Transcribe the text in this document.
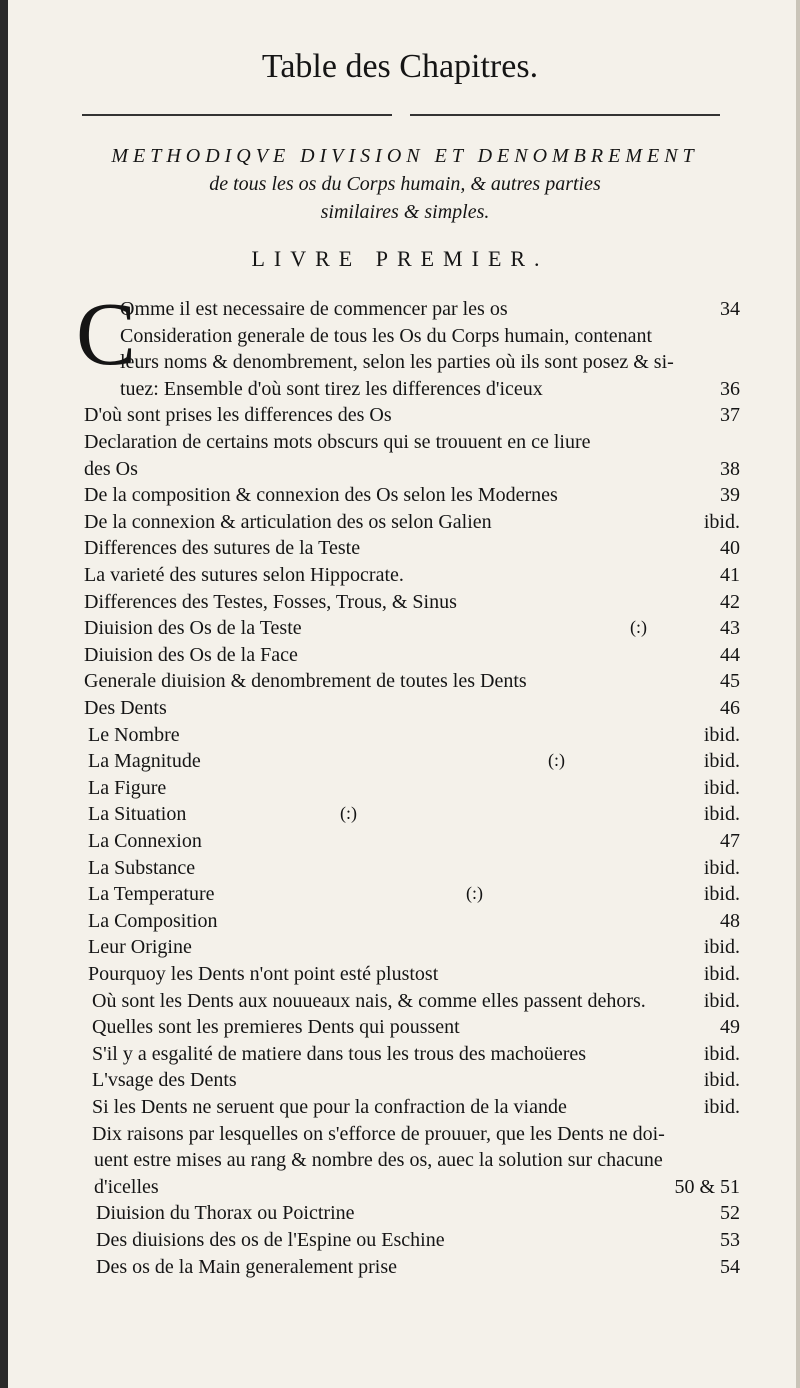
Table des Chapitres.
METHODIQVE DIVISION ET DENOMBREMENT
de tous les os du Corps humain, & autres parties
similaires & simples.
LIVRE PREMIER.
C
Omme il est necessaire de commencer par les os	34
Consideration generale de tous les Os du Corps humain, contenant
leurs noms & denombrement, selon les parties où ils sont posez & si-
tuez: Ensemble d'où sont tirez les differences d'iceux	36
D'où sont prises les differences des Os	37
Declaration de certains mots obscurs qui se trouuent en ce liure
des Os	38
De la composition & connexion des Os selon les Modernes	39
De la connexion & articulation des os selon Galien	ibid.
Differences des sutures de la Teste	40
La varieté des sutures selon Hippocrate.	41
Differences des Testes, Fosses, Trous, & Sinus	42
Diuision des Os de la Teste	43
(:)
Diuision des Os de la Face	44
Generale diuision & denombrement de toutes les Dents	45
Des Dents	46
Le Nombre	ibid.
La Magnitude	ibid.
(:)
La Figure	ibid.
La Situation	ibid.
(:)
La Connexion	47
La Substance	ibid.
La Temperature	ibid.
(:)
La Composition	48
Leur Origine	ibid.
Pourquoy les Dents n'ont point esté plustost	ibid.
Où sont les Dents aux nouueaux nais, & comme elles passent dehors.	ibid.
Quelles sont les premieres Dents qui poussent	49
S'il y a esgalité de matiere dans tous les trous des machoüeres	ibid.
L'vsage des Dents	ibid.
Si les Dents ne seruent que pour la confraction de la viande	ibid.
Dix raisons par lesquelles on s'efforce de prouuer, que les Dents ne doi-
uent estre mises au rang & nombre des os, auec la solution sur chacune
d'icelles	50 & 51
Diuision du Thorax ou Poictrine	52
Des diuisions des os de l'Espine ou Eschine	53
Des os de la Main generalement prise	54
